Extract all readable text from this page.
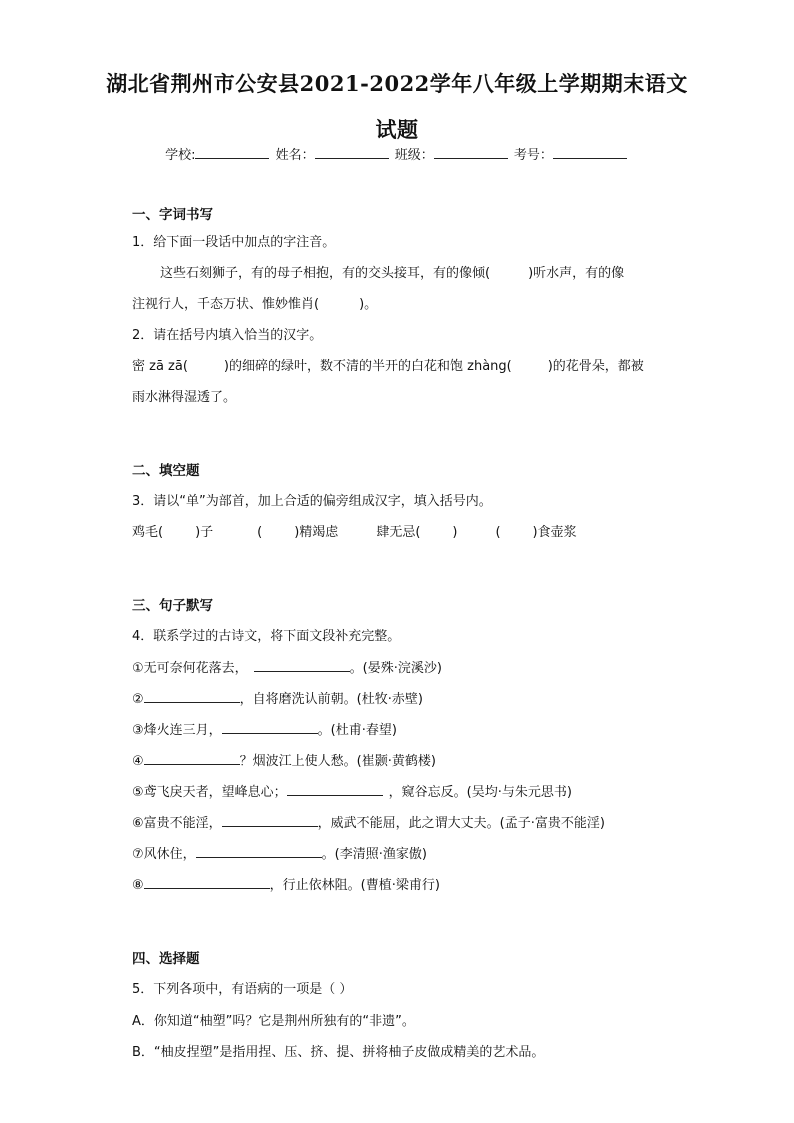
湖北省荆州市公安县2021-2022学年八年级上学期期末语文
试题
学校:	姓名：	班级：	考号：
一、字词书写
1．给下面一段话中加点的字注音。
这些石刻狮子，有的母子相抱，有的交头接耳，有的像倾(	)听水声，有的像
注视行人，千态万状、惟妙惟肖(	)。
2．请在括号内填入恰当的汉字。
密 zā zā(	)的细碎的绿叶，数不清的半开的白花和饱 zhàng(	)的花骨朵，都被
雨水淋得湿透了。
二、填空题
3．请以“单”为部首，加上合适的偏旁组成汉字，填入括号内。
鸡毛( )子	( )精竭虑	肆无忌( )	( )食壶浆
三、句子默写
4．联系学过的古诗文，将下面文段补充完整。
①无可奈何花落去，	。(晏殊·浣溪沙)
②	，自将磨洗认前朝。(杜牧·赤壁)
③烽火连三月，	。(杜甫·春望)
④	？烟波江上使人愁。(崔颢·黄鹤楼)
⑤鸢飞戾天者，望峰息心；	，窥谷忘反。(吴均·与朱元思书)
⑥富贵不能淫，	，威武不能屈，此之谓大丈夫。(孟子·富贵不能淫)
⑦风休住，	。(李清照·渔家傲)
⑧	，行止依林阻。(曹植·梁甫行)
四、选择题
5．下列各项中，有语病的一项是（ ）
A．你知道“柚塑”吗？它是荆州所独有的“非遗”。
B．“柚皮捏塑”是指用捏、压、挤、提、拼将柚子皮做成精美的艺术品。
